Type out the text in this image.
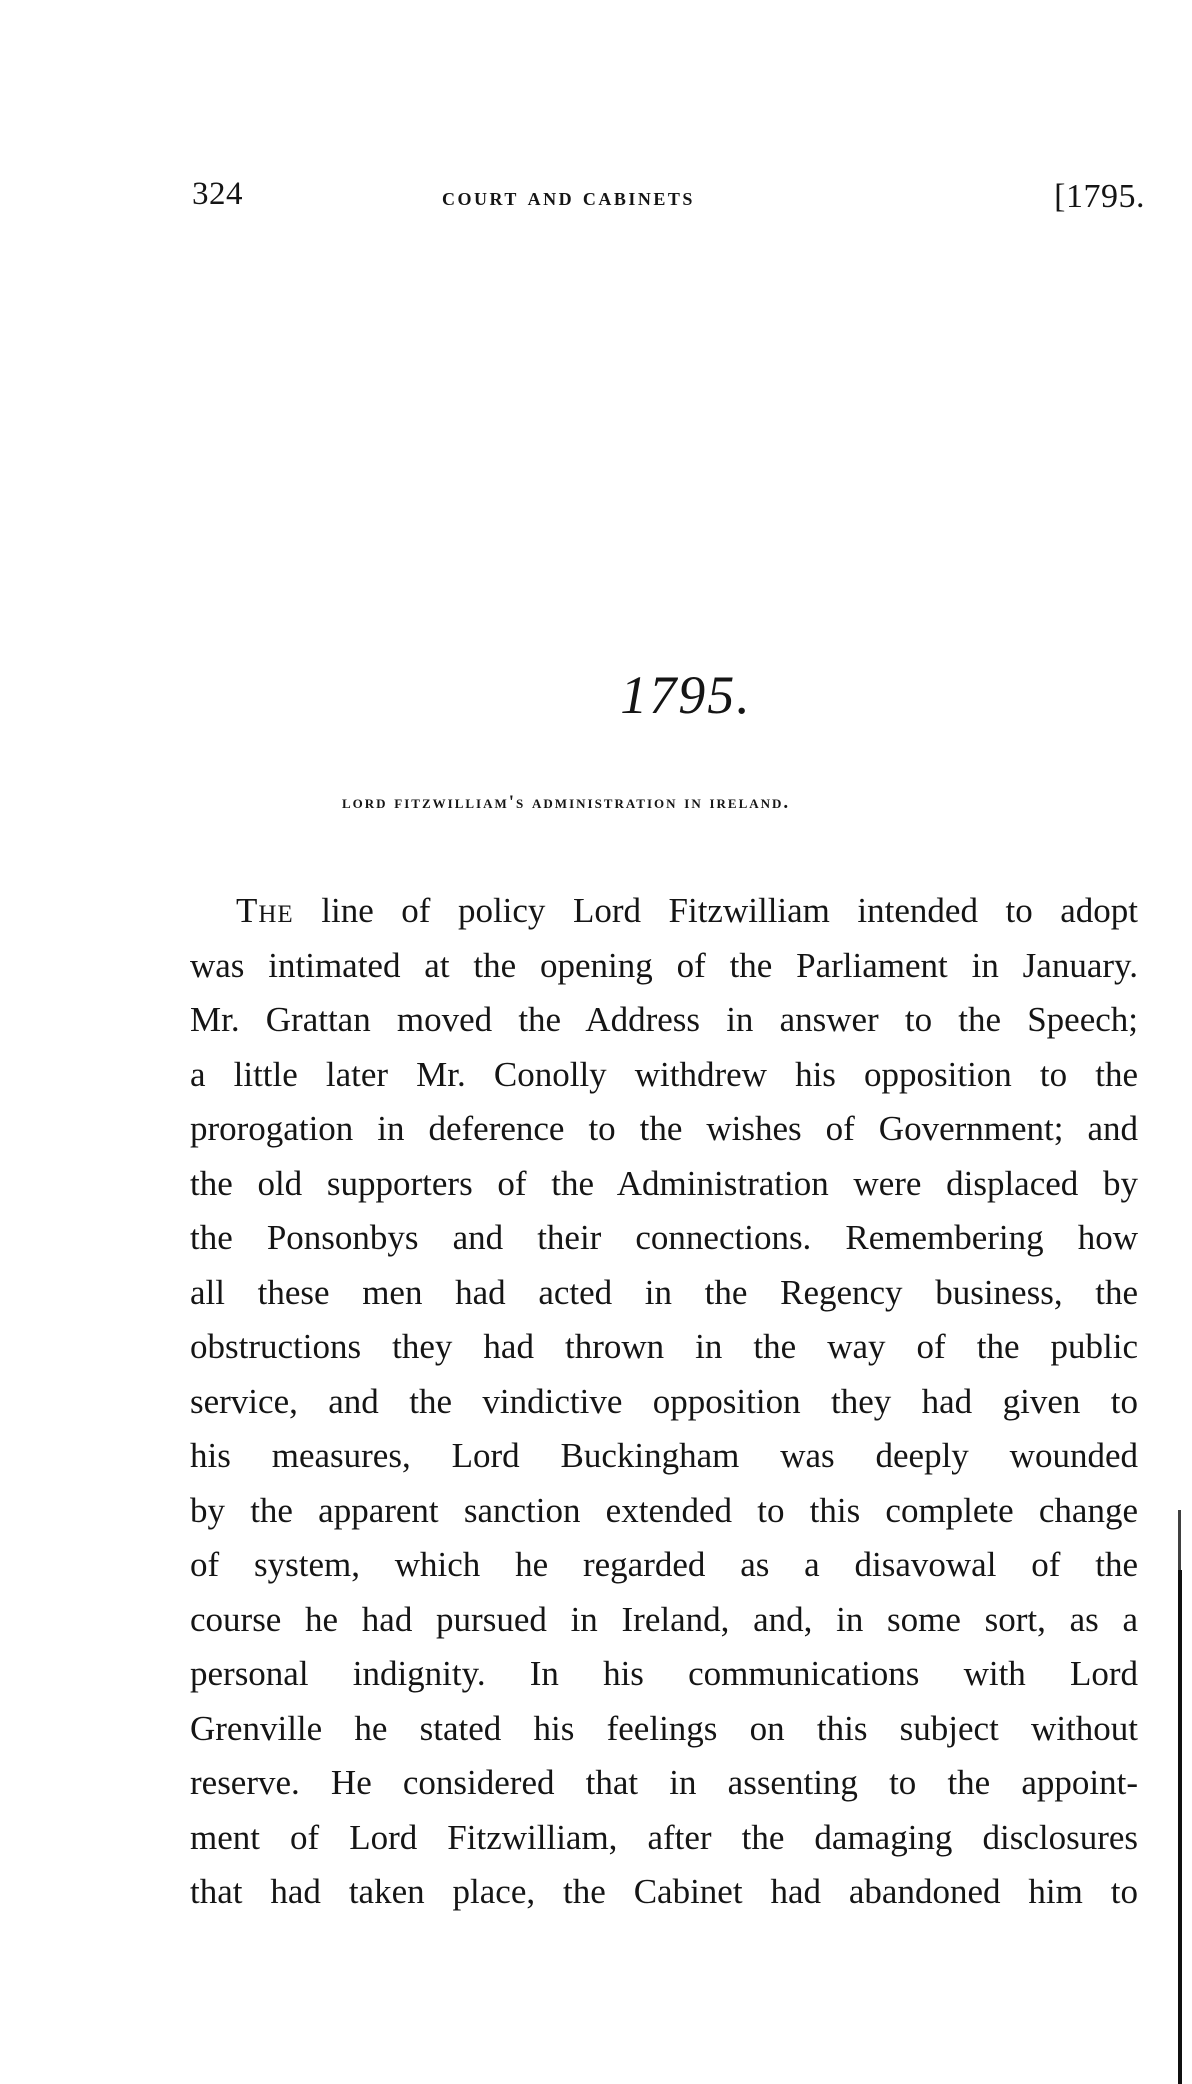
324	court and cabinets	[1795.
1795.
lord fitzwilliam's administration in ireland.
The line of policy Lord Fitzwilliam intended to adopt
was intimated at the opening of the Parliament in January.
Mr. Grattan moved the Address in answer to the Speech;
a little later Mr. Conolly withdrew his opposition to the
prorogation in deference to the wishes of Government; and
the old supporters of the Administration were displaced by
the Ponsonbys and their connections. Remembering how
all these men had acted in the Regency business, the
obstructions they had thrown in the way of the public
service, and the vindictive opposition they had given to
his measures, Lord Buckingham was deeply wounded
by the apparent sanction extended to this complete change
of system, which he regarded as a disavowal of the
course he had pursued in Ireland, and, in some sort, as a
personal indignity. In his communications with Lord
Grenville he stated his feelings on this subject without
reserve. He considered that in assenting to the appoint-
ment of Lord Fitzwilliam, after the damaging disclosures
that had taken place, the Cabinet had abandoned him to
